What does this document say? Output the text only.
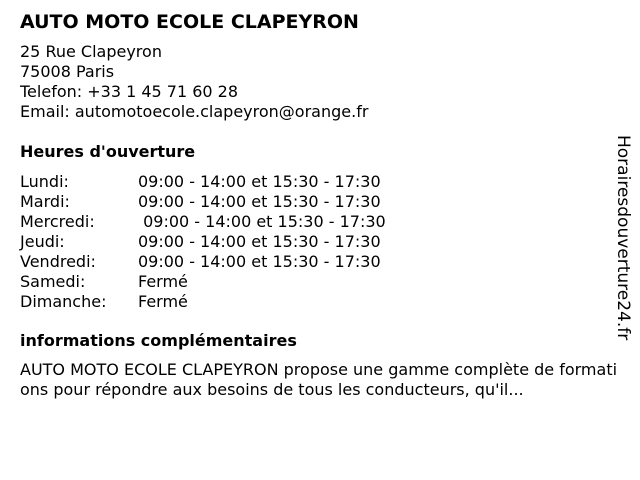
AUTO MOTO ECOLE CLAPEYRON

25 Rue Clapeyron

75008 Paris

Telefon: +33 1 45 71 60 28

Email: automotoecole.clapeyron@orange.fr

Heures d'ouverture
Lundi:	09:00 - 14:00 et 15:30 - 17:30
Mardi:	09:00 - 14:00 et 15:30 - 17:30
Mercredi:	09:00 - 14:00 et 15:30 - 17:30
Jeudi:	09:00 - 14:00 et 15:30 - 17:30
Vendredi:	09:00 - 14:00 et 15:30 - 17:30
Samedi:	Fermé
Dimanche:	Fermé
informations complémentaires

AUTO MOTO ECOLE CLAPEYRON propose une gamme complète de formations pour répondre aux besoins de tous les conducteurs, qu'il...

Horairesdouverture24.fr
